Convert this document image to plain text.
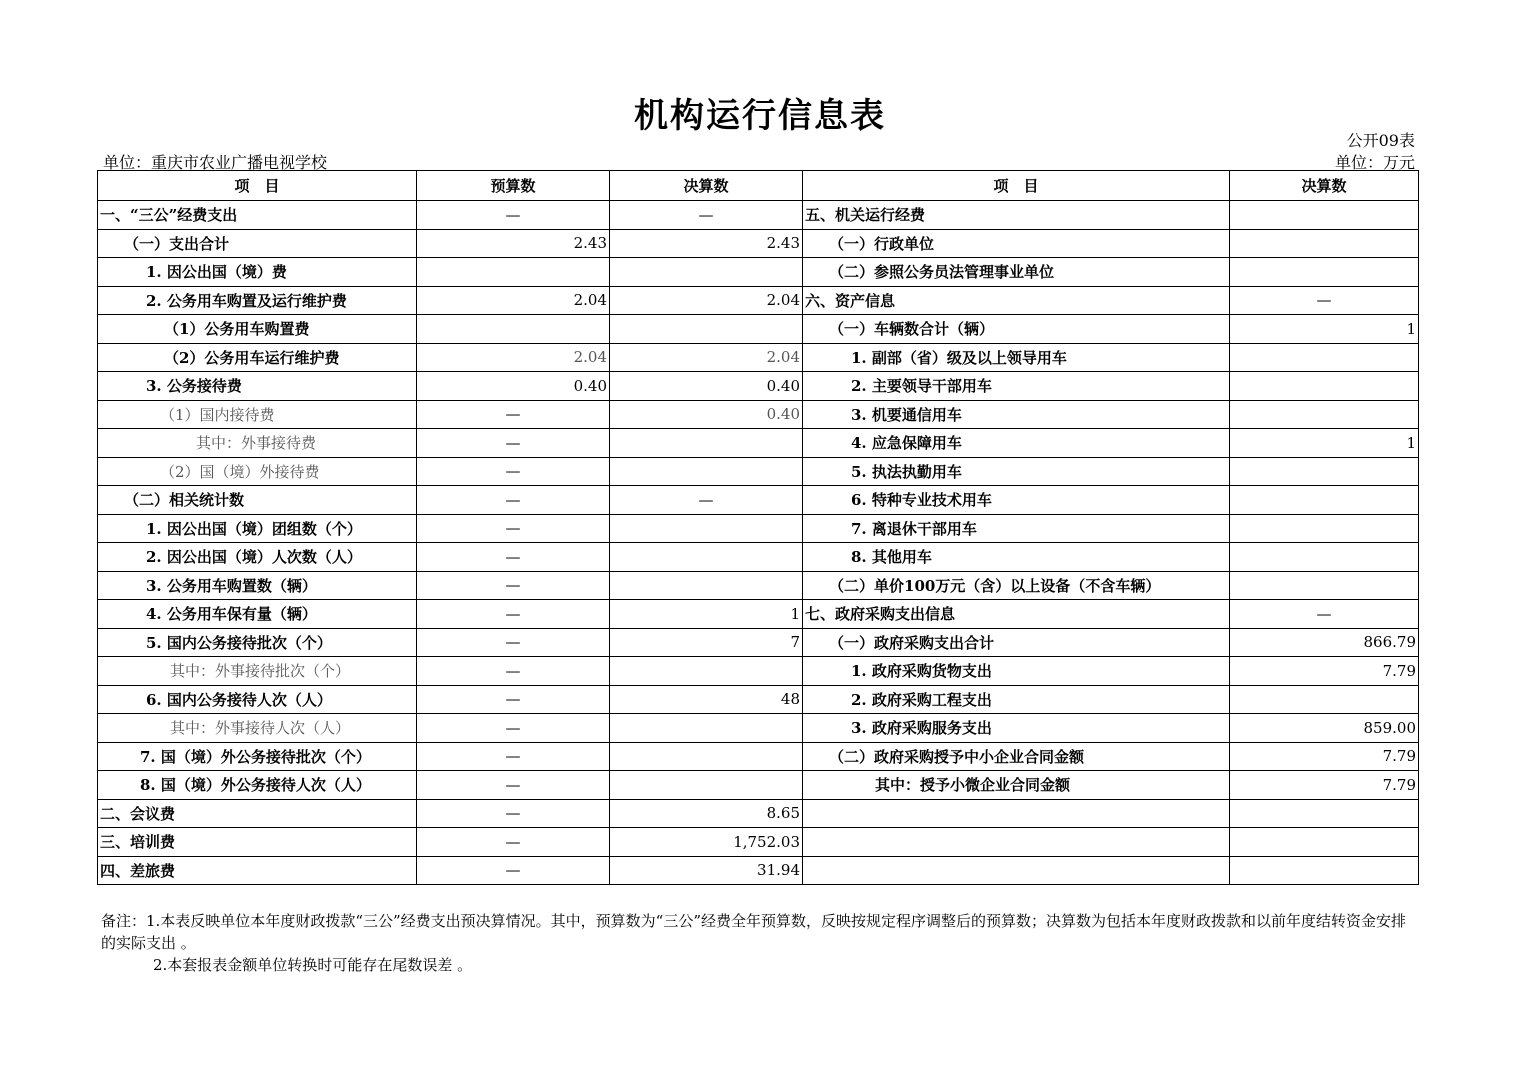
机构运行信息表
公开09表
单位：重庆市农业广播电视学校	单位：万元
项　目	预算数	决算数	项　目	决算数
一、“三公”经费支出	—	—	五、机关运行经费	
（一）支出合计	2.43	2.43	（一）行政单位	
1. 因公出国（境）费			（二）参照公务员法管理事业单位	
2. 公务用车购置及运行维护费	2.04	2.04	六、资产信息	—
（1）公务用车购置费			（一）车辆数合计（辆）	1
（2）公务用车运行维护费	2.04	2.04	1. 副部（省）级及以上领导用车	
3. 公务接待费	0.40	0.40	2. 主要领导干部用车	
（1）国内接待费	—	0.40	3. 机要通信用车	
其中：外事接待费	—		4. 应急保障用车	1
（2）国（境）外接待费	—		5. 执法执勤用车	
（二）相关统计数	—	—	6. 特种专业技术用车	
1. 因公出国（境）团组数（个）	—		7. 离退休干部用车	
2. 因公出国（境）人次数（人）	—		8. 其他用车	
3. 公务用车购置数（辆）	—		（二）单价100万元（含）以上设备（不含车辆）	
4. 公务用车保有量（辆）	—	1	七、政府采购支出信息	—
5. 国内公务接待批次（个）	—	7	（一）政府采购支出合计	866.79
其中：外事接待批次（个）	—		1. 政府采购货物支出	7.79
6. 国内公务接待人次（人）	—	48	2. 政府采购工程支出	
其中：外事接待人次（人）	—		3. 政府采购服务支出	859.00
7. 国（境）外公务接待批次（个）	—		（二）政府采购授予中小企业合同金额	7.79
8. 国（境）外公务接待人次（人）	—		其中：授予小微企业合同金额	7.79
二、会议费	—	8.65		
三、培训费	—	1,752.03		
四、差旅费	—	31.94		
备注：1.本表反映单位本年度财政拨款“三公”经费支出预决算情况。其中，预算数为“三公”经费全年预算数，反映按规定程序调整后的预算数；决算数为包括本年度财政拨款和以前年度结转资金安排的实际支出 。
2.本套报表金额单位转换时可能存在尾数误差 。
